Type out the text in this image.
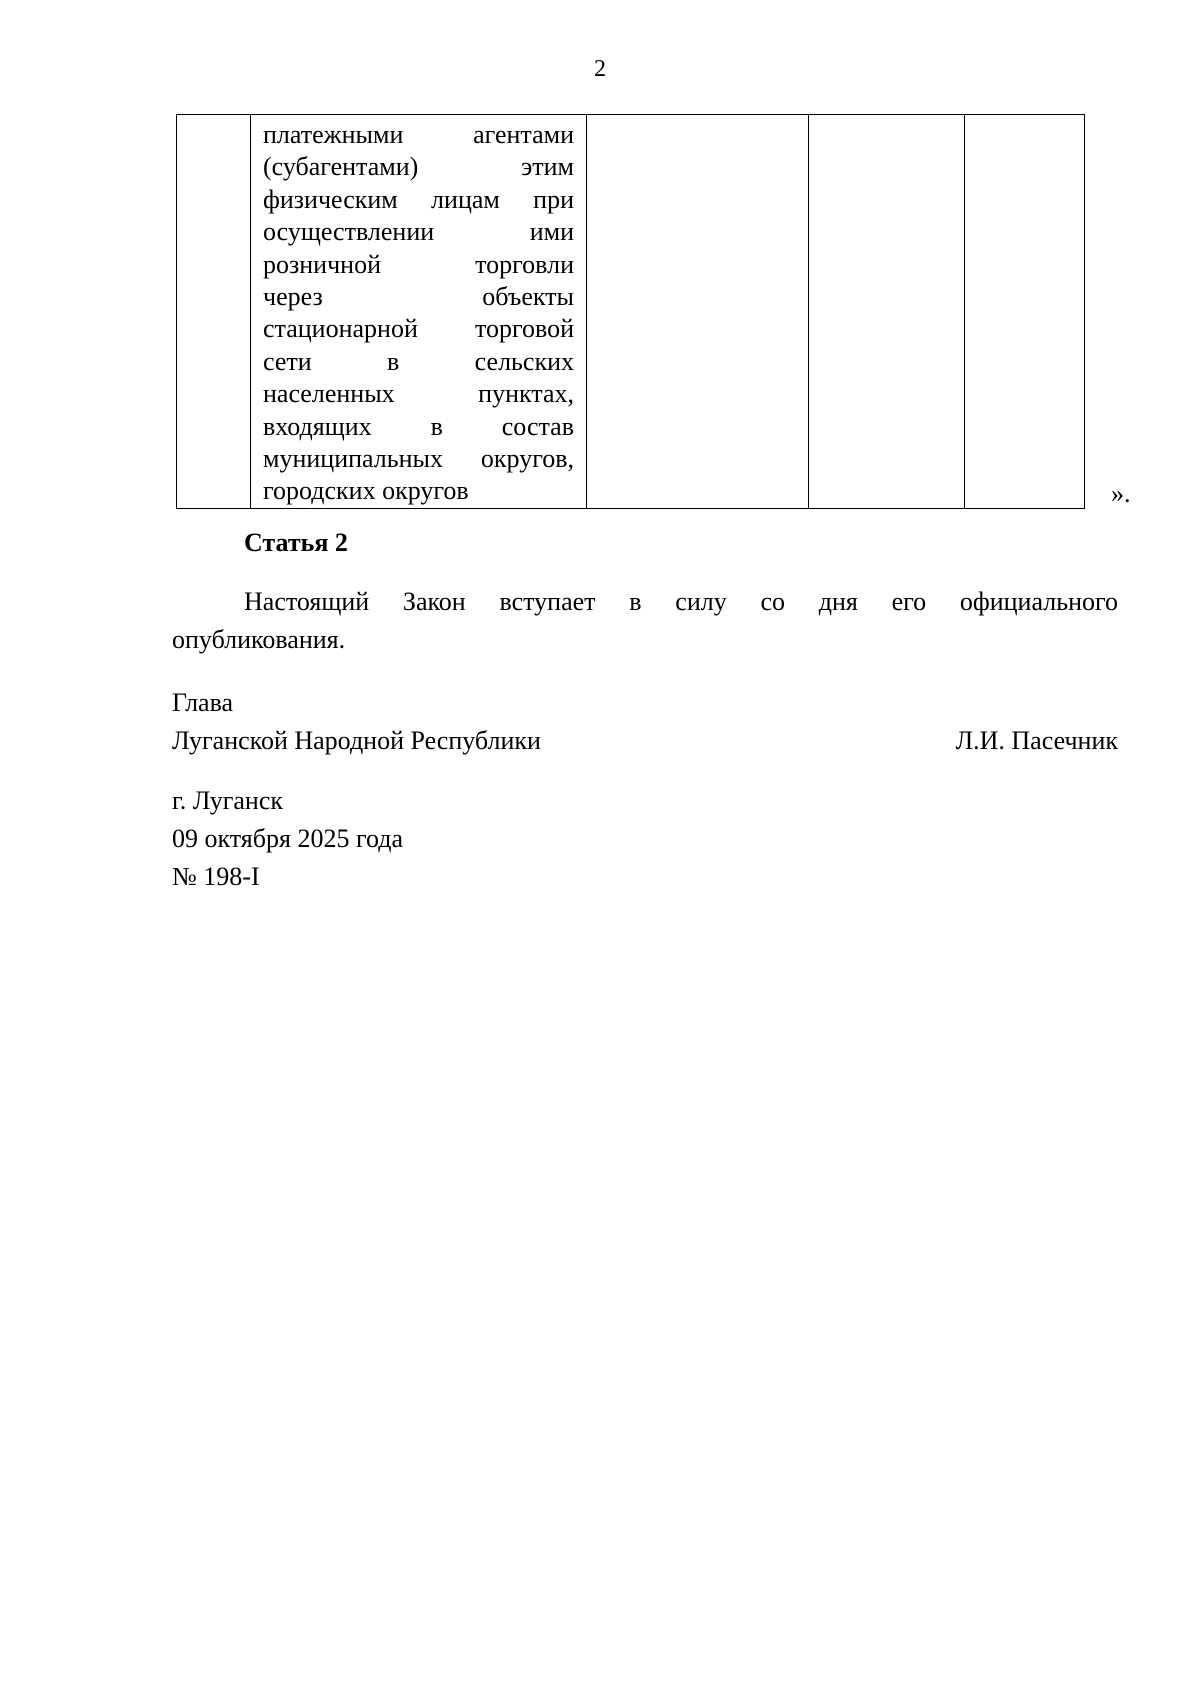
2

платежными агентами
(субагентами) этим
физическим лицам при
осуществлении ими
розничной торговли
через объекты
стационарной торговой
сети в сельских
населенных пунктах,
входящих в состав
муниципальных округов,
городских округов
				».
Статья 2
Настоящий Закон вступает в силу со дня его официального
опубликования.
Глава
Луганской Народной Республики	Л.И. Пасечник
г. Луганск
09 октября 2025 года
№ 198-I
